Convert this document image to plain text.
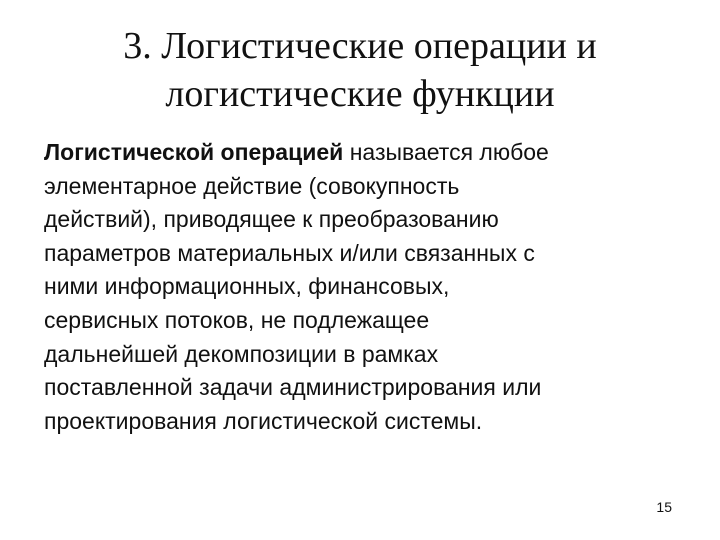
3. Логистические операции и
логистические функции
Логистической операцией называется любое
элементарное действие (совокупность
действий), приводящее к преобразованию
параметров материальных и/или связанных с
ними информационных, финансовых,
сервисных потоков, не подлежащее
дальнейшей декомпозиции в рамках
поставленной задачи администрирования или
проектирования логистической системы.
15
